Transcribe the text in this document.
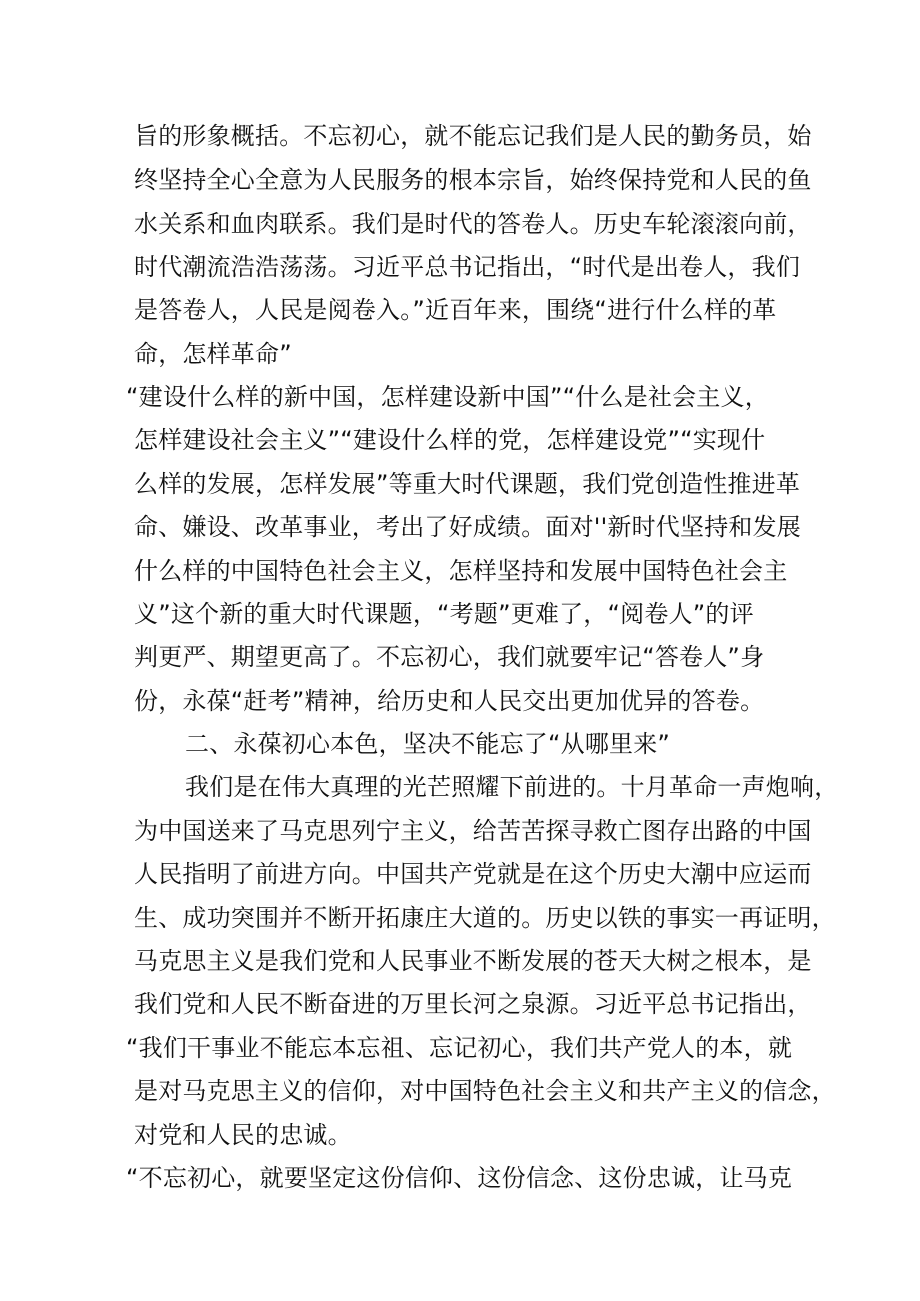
旨的形象概括。不忘初心，就不能忘记我们是人民的勤务员，始
终坚持全心全意为人民服务的根本宗旨，始终保持党和人民的鱼
水关系和血肉联系。我们是时代的答卷人。历史车轮滚滚向前，
时代潮流浩浩荡荡。习近平总书记指出，“时代是出卷人，我们
是答卷人，人民是阅卷入。”近百年来，围绕“进行什么样的革
命，怎样革命”
“建设什么样的新中国，怎样建设新中国”“什么是社会主义，
怎样建设社会主义”“建设什么样的党，怎样建设党”“实现什
么样的发展，怎样发展”等重大时代课题，我们党创造性推进革
命、嫌设、改革事业，考出了好成绩。面对''新时代坚持和发展
什么样的中国特色社会主义，怎样坚持和发展中国特色社会主
义”这个新的重大时代课题，“考题”更难了，“阅卷人”的评
判更严、期望更高了。不忘初心，我们就要牢记“答卷人”身
份，永葆“赶考”精神，给历史和人民交出更加优异的答卷。
二、永葆初心本色，坚决不能忘了“从哪里来”
我们是在伟大真理的光芒照耀下前进的。十月革命一声炮响，
为中国送来了马克思列宁主义，给苦苦探寻救亡图存出路的中国
人民指明了前进方向。中国共产党就是在这个历史大潮中应运而
生、成功突围并不断开拓康庄大道的。历史以铁的事实一再证明，
马克思主义是我们党和人民事业不断发展的苍天大树之根本，是
我们党和人民不断奋进的万里长河之泉源。习近平总书记指出，
“我们干事业不能忘本忘祖、忘记初心，我们共产党人的本，就
是对马克思主义的信仰，对中国特色社会主义和共产主义的信念，
对党和人民的忠诚。
“不忘初心，就要坚定这份信仰、这份信念、这份忠诚，让马克
